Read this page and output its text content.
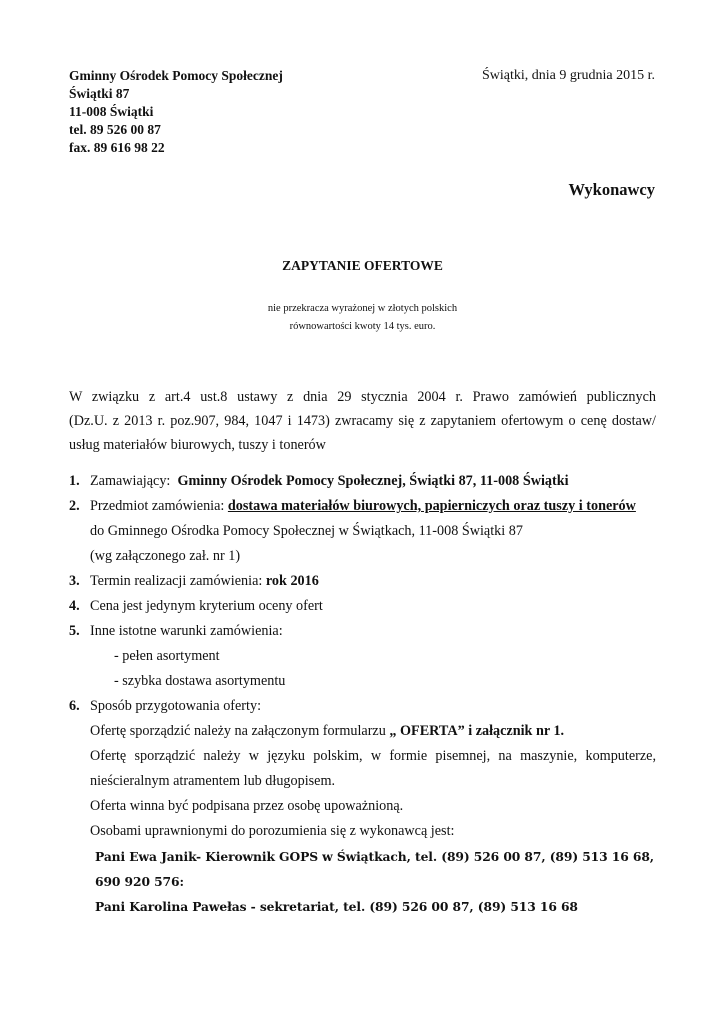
Gminny Ośrodek Pomocy Społecznej
Świątki 87
11-008 Świątki
tel. 89 526 00 87
fax. 89 616 98 22
Świątki, dnia 9 grudnia 2015 r.
Wykonawcy
ZAPYTANIE OFERTOWE
nie przekracza wyrażonej w złotych polskich
równowartości kwoty 14 tys. euro.
W związku z art.4 ust.8 ustawy z dnia 29 stycznia 2004 r. Prawo zamówień publicznych
(Dz.U. z 2013 r. poz.907, 984, 1047 i 1473) zwracamy się z zapytaniem ofertowym o cenę dostaw/
usług materiałów biurowych, tuszy i tonerów
1. Zamawiający: Gminny Ośrodek Pomocy Społecznej, Świątki 87, 11-008 Świątki
2. Przedmiot zamówienia: dostawa materiałów biurowych, papierniczych oraz tuszy i tonerów
do Gminnego Ośrodka Pomocy Społecznej w Świątkach, 11-008 Świątki 87
(wg załączonego zał. nr 1)
3. Termin realizacji zamówienia: rok 2016
4. Cena jest jedynym kryterium oceny ofert
5. Inne istotne warunki zamówienia:
- pełen asortyment
- szybka dostawa asortymentu
6. Sposób przygotowania oferty:
Ofertę sporządzić należy na załączonym formularzu „ OFERTA” i załącznik nr 1.
Ofertę sporządzić należy w języku polskim, w formie pisemnej, na maszynie, komputerze,
nieścieralnym atramentem lub długopisem.
Oferta winna być podpisana przez osobę upoważnioną.
Osobami uprawnionymi do porozumienia się z wykonawcą jest:
Pani Ewa Janik- Kierownik GOPS w Świątkach, tel. (89) 526 00 87, (89) 513 16 68,
690 920 576:
Pani Karolina Pawełas - sekretariat, tel. (89) 526 00 87, (89) 513 16 68
